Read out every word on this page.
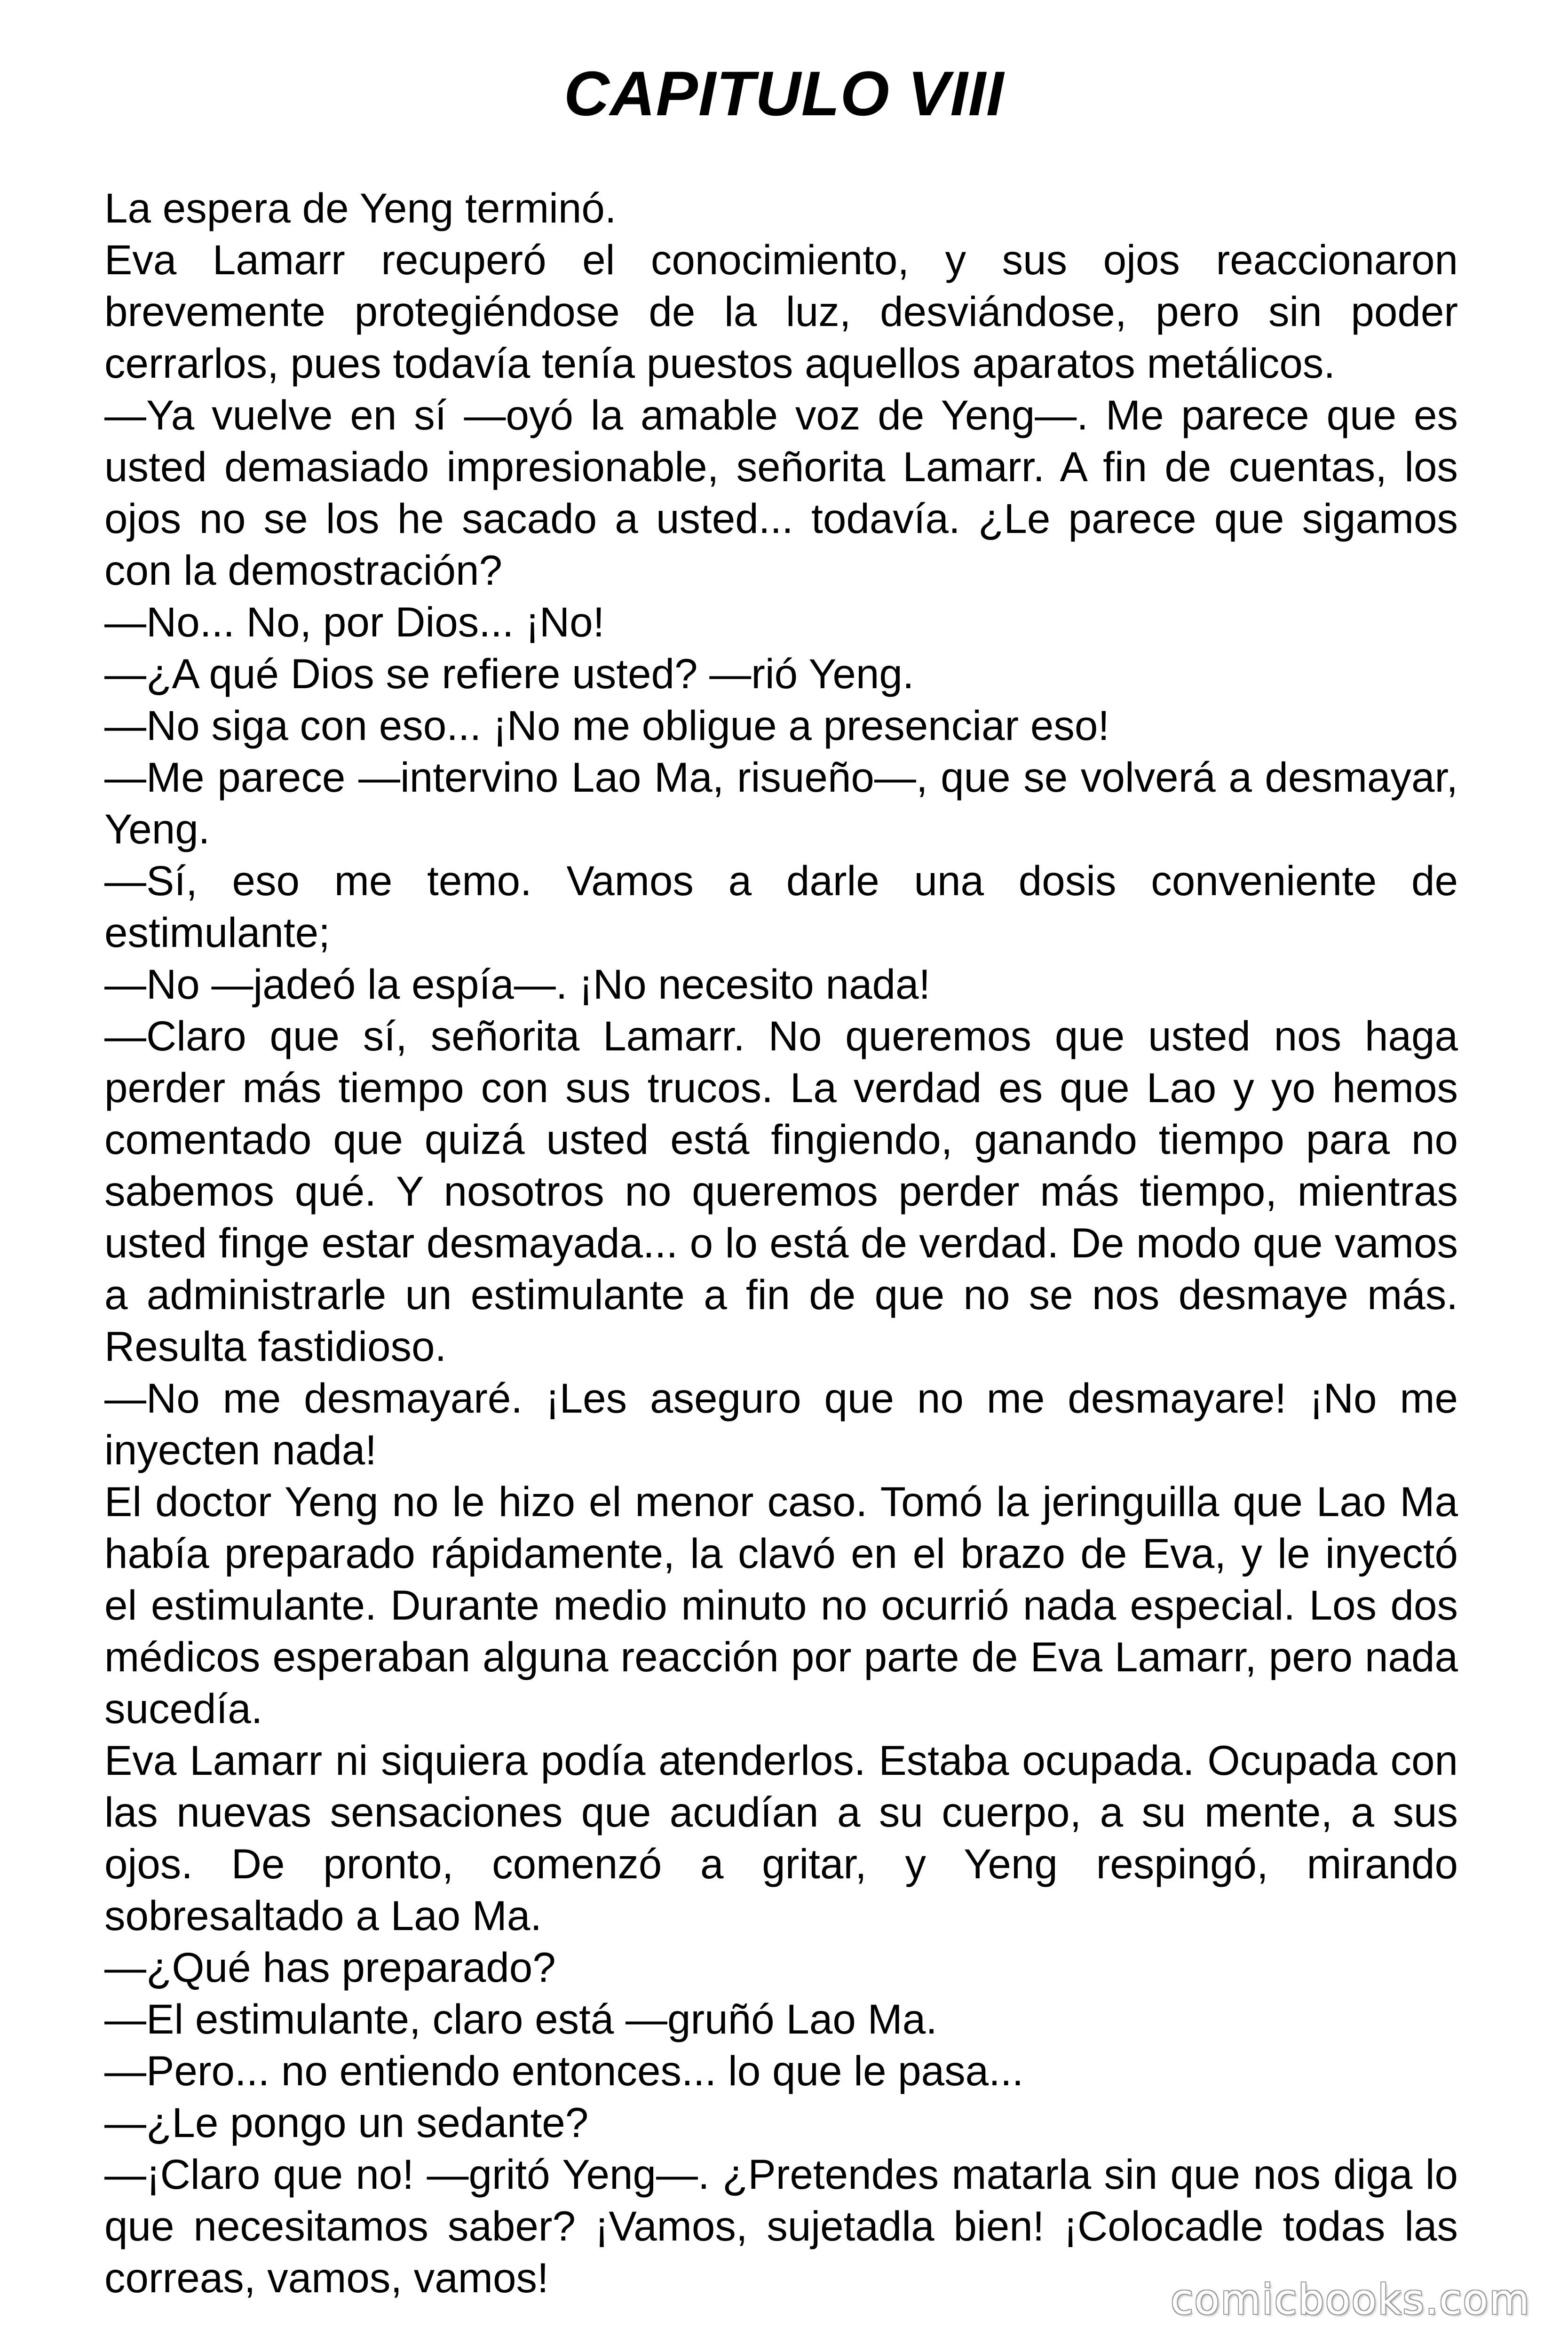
CAPITULO VIII

La espera de Yeng terminó.

Eva Lamarr recuperó el conocimiento, y sus ojos reaccionaron brevemente protegiéndose de la luz, desviándose, pero sin poder cerrarlos, pues todavía tenía puestos aquellos aparatos metálicos.

—Ya vuelve en sí —oyó la amable voz de Yeng—. Me parece que es usted demasiado impresionable, señorita Lamarr. A fin de cuentas, los ojos no se los he sacado a usted... todavía. ¿Le parece que sigamos con la demostración?

—No... No, por Dios... ¡No!

—¿A qué Dios se refiere usted? —rió Yeng.

—No siga con eso... ¡No me obligue a presenciar eso!

—Me parece —intervino Lao Ma, risueño—, que se volverá a desmayar, Yeng.

—Sí, eso me temo. Vamos a darle una dosis conveniente de estimulante;

—No —jadeó la espía—. ¡No necesito nada!

—Claro que sí, señorita Lamarr. No queremos que usted nos haga perder más tiempo con sus trucos. La verdad es que Lao y yo hemos comentado que quizá usted está fingiendo, ganando tiempo para no sabemos qué. Y nosotros no queremos perder más tiempo, mientras usted finge estar desmayada... o lo está de verdad. De modo que vamos a administrarle un estimulante a fin de que no se nos desmaye más. Resulta fastidioso.

—No me desmayaré. ¡Les aseguro que no me desmayare! ¡No me inyecten nada!

El doctor Yeng no le hizo el menor caso. Tomó la jeringuilla que Lao Ma había preparado rápidamente, la clavó en el brazo de Eva, y le inyectó el estimulante. Durante medio minuto no ocurrió nada especial. Los dos médicos esperaban alguna reacción por parte de Eva Lamarr, pero nada sucedía.

Eva Lamarr ni siquiera podía atenderlos. Estaba ocupada. Ocupada con las nuevas sensaciones que acudían a su cuerpo, a su mente, a sus ojos. De pronto, comenzó a gritar, y Yeng respingó, mirando sobresaltado a Lao Ma.

—¿Qué has preparado?

—El estimulante, claro está —gruñó Lao Ma.

—Pero... no entiendo entonces... lo que le pasa...

—¿Le pongo un sedante?

—¡Claro que no! —gritó Yeng—. ¿Pretendes matarla sin que nos diga lo que necesitamos saber? ¡Vamos, sujetadla bien! ¡Colocadle todas las correas, vamos, vamos!	comicbooks.com
